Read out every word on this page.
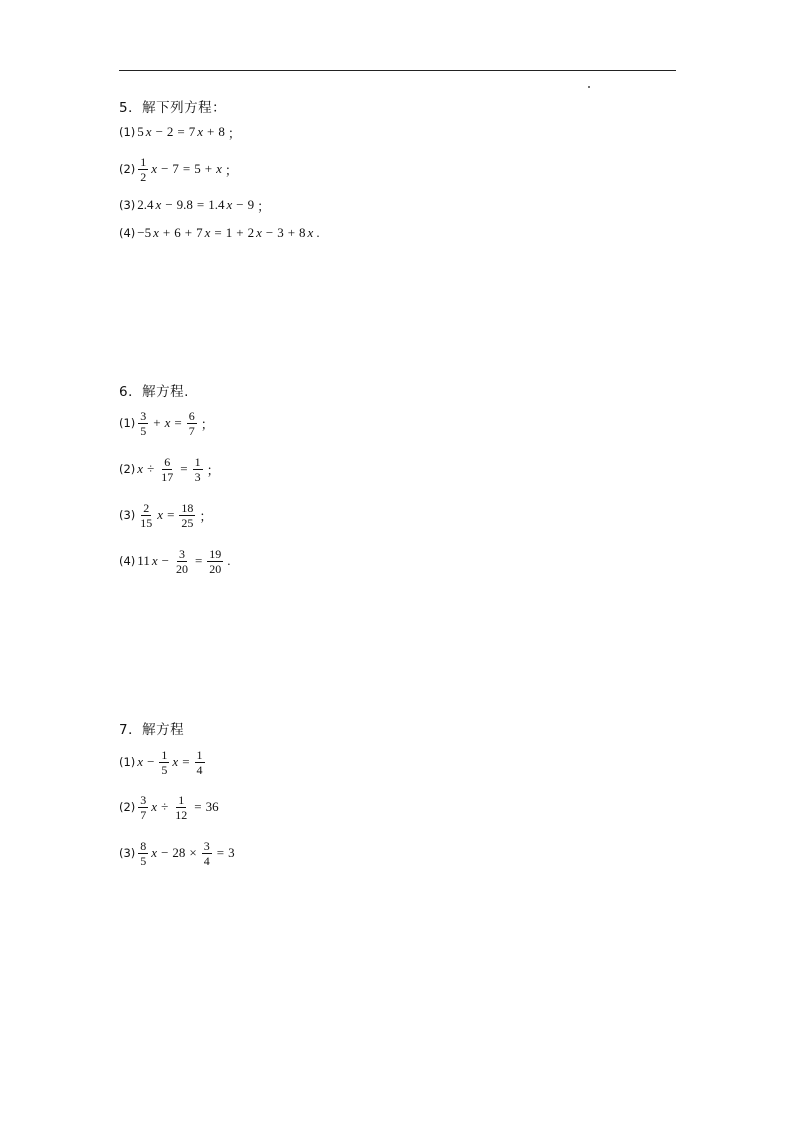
5．解下列方程：
(1) 5 x − 2 = 7 x + 8 ；
$(2) \frac{1}{2}$ x − 7 = 5 + x ；
(3) 2.4 x − 9.8 = 1.4 x − 9 ；
(4) −5 x + 6 + 7 x = 1 + 2 x − 3 + 8 x .
6．解方程.
$(1) \frac{3}{5} + x = \frac{6}{7}$ ；
(2) $x \div \frac{6}{17} = \frac{1}{3}$ ；
$(3) \frac{2}{15}$ $x = \frac{18}{25}$ ；
(4) 11 $x - \frac{3}{20} = \frac{19}{20}$ .
7．解方程
(1) $x - \frac{1}{5}$ $x = \frac{1}{4}$
$(2) \frac{3}{7}$ $x \div \frac{1}{12} = 36$
$(3) \frac{8}{5}$ $x - 28 \times \frac{3}{4} = 3$
